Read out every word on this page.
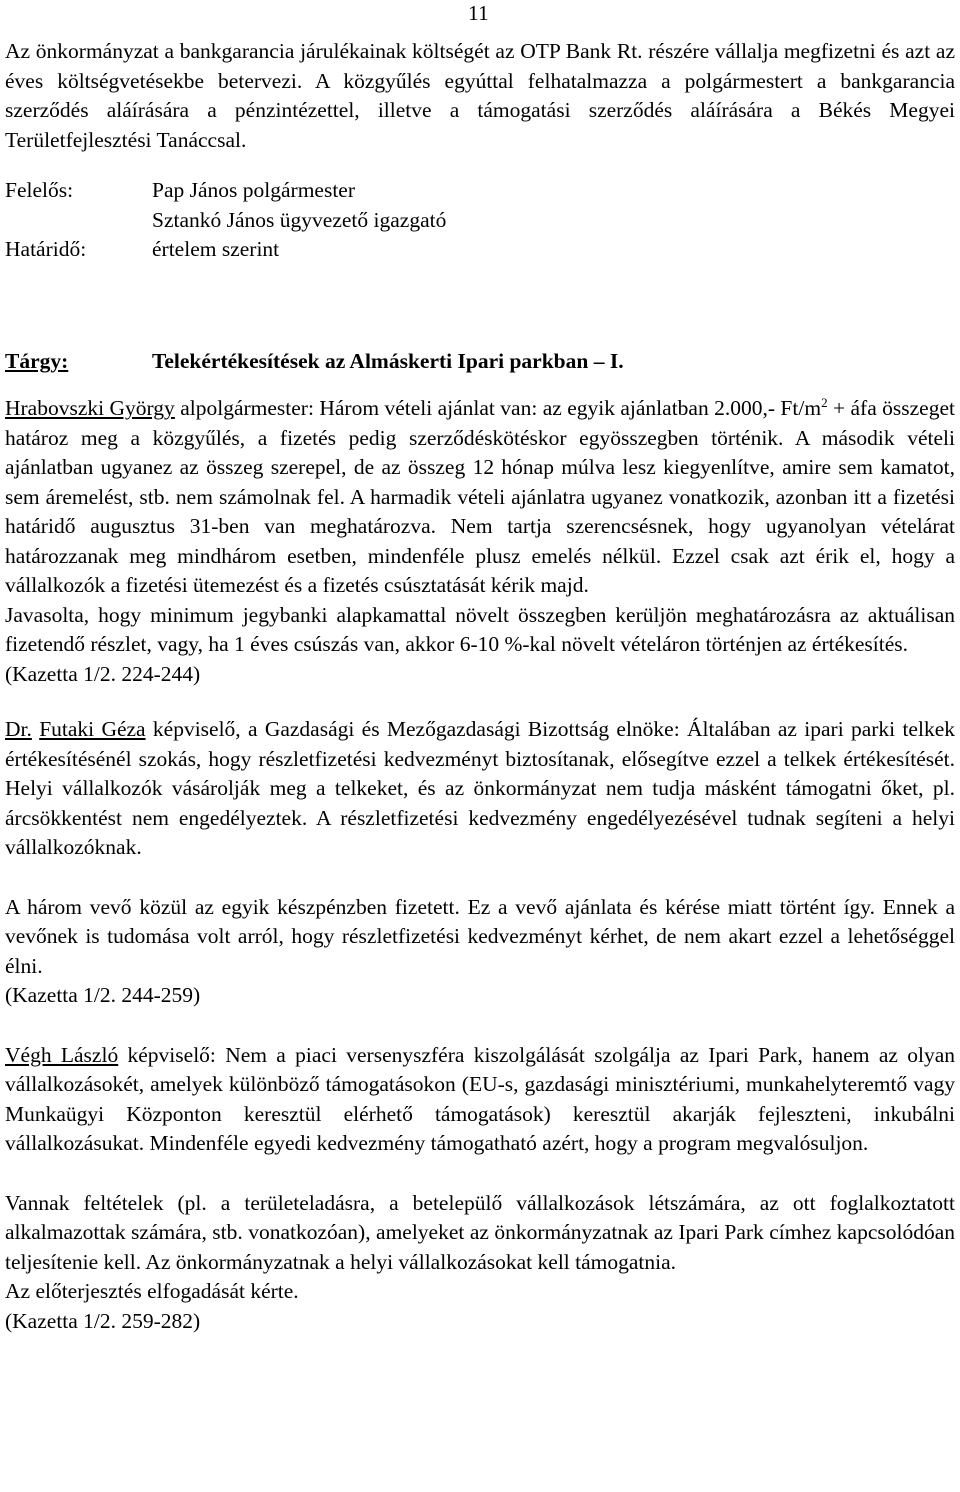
11

Az önkormányzat a bankgarancia járulékainak költségét az OTP Bank Rt. részére vállalja megfizetni és azt az éves költségvetésekbe betervezi. A közgyűlés egyúttal felhatalmazza a polgármestert a bankgarancia szerződés aláírására a pénzintézettel, illetve a támogatási szerződés aláírására a Békés Megyei Területfejlesztési Tanáccsal.

Felelős:	Pap János polgármester
Sztankó János ügyvezető igazgató
Határidő:	értelem szerint
Tárgy:	Telekértékesítések az Almáskerti Ipari parkban – I.

Hrabovszki György alpolgármester: Három vételi ajánlat van: az egyik ajánlatban 2.000,- $Ft/m^2$ + áfa összeget határoz meg a közgyűlés, a fizetés pedig szerződéskötéskor egyösszegben történik. A második vételi ajánlatban ugyanez az összeg szerepel, de az összeg 12 hónap múlva lesz kiegyenlítve, amire sem kamatot, sem áremelést, stb. nem számolnak fel. A harmadik vételi ajánlatra ugyanez vonatkozik, azonban itt a fizetési határidő augusztus 31-ben van meghatározva. Nem tartja szerencsésnek, hogy ugyanolyan vételárat határozzanak meg mindhárom esetben, mindenféle plusz emelés nélkül. Ezzel csak azt érik el, hogy a vállalkozók a fizetési ütemezést és a fizetés csúsztatását kérik majd.

Javasolta, hogy minimum jegybanki alapkamattal növelt összegben kerüljön meghatározásra az aktuálisan fizetendő részlet, vagy, ha 1 éves csúszás van, akkor 6-10 %-kal növelt vételáron történjen az értékesítés.

(Kazetta 1/2. 224-244)

Dr. Futaki Géza képviselő, a Gazdasági és Mezőgazdasági Bizottság elnöke: Általában az ipari parki telkek értékesítésénél szokás, hogy részletfizetési kedvezményt biztosítanak, elősegítve ezzel a telkek értékesítését. Helyi vállalkozók vásárolják meg a telkeket, és az önkormányzat nem tudja másként támogatni őket, pl. árcsökkentést nem engedélyeztek. A részletfizetési kedvezmény engedélyezésével tudnak segíteni a helyi vállalkozóknak.

A három vevő közül az egyik készpénzben fizetett. Ez a vevő ajánlata és kérése miatt történt így. Ennek a vevőnek is tudomása volt arról, hogy részletfizetési kedvezményt kérhet, de nem akart ezzel a lehetőséggel élni.

(Kazetta 1/2. 244-259)

Végh László képviselő: Nem a piaci versenyszféra kiszolgálását szolgálja az Ipari Park, hanem az olyan vállalkozásokét, amelyek különböző támogatásokon (EU-s, gazdasági minisztériumi, munkahelyteremtő vagy Munkaügyi Központon keresztül elérhető támogatások) keresztül akarják fejleszteni, inkubálni vállalkozásukat. Mindenféle egyedi kedvezmény támogatható azért, hogy a program megvalósuljon.

Vannak feltételek (pl. a területeladásra, a betelepülő vállalkozások létszámára, az ott foglalkoztatott alkalmazottak számára, stb. vonatkozóan), amelyeket az önkormányzatnak az Ipari Park címhez kapcsolódóan teljesítenie kell. Az önkormányzatnak a helyi vállalkozásokat kell támogatnia.

Az előterjesztés elfogadását kérte.

(Kazetta 1/2. 259-282)
